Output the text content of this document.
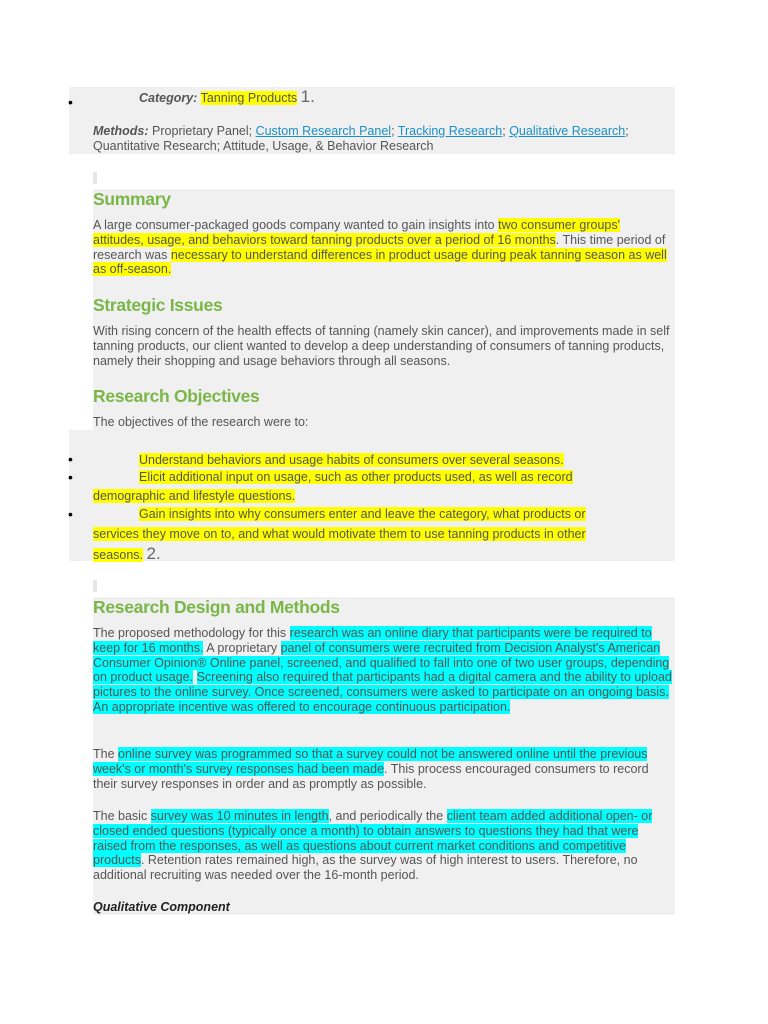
•	Category: Tanning Products 1.

Methods: Proprietary Panel; Custom Research Panel; Tracking Research; Qualitative Research; Quantitative Research; Attitude, Usage, & Behavior Research

Summary

A large consumer-packaged goods company wanted to gain insights into two consumer groups' attitudes, usage, and behaviors toward tanning products over a period of 16 months. This time period of research was necessary to understand differences in product usage during peak tanning season as well as off-season.

Strategic Issues

With rising concern of the health effects of tanning (namely skin cancer), and improvements made in self tanning products, our client wanted to develop a deep understanding of consumers of tanning products, namely their shopping and usage behaviors through all seasons.

Research Objectives

The objectives of the research were to:

•	Understand behaviors and usage habits of consumers over several seasons.

•	Elicit additional input on usage, such as other products used, as well as record demographic and lifestyle questions.

•	Gain insights into why consumers enter and leave the category, what products or services they move on to, and what would motivate them to use tanning products in other seasons. 2.

Research Design and Methods

The proposed methodology for this research was an online diary that participants were be required to keep for 16 months. A proprietary panel of consumers were recruited from Decision Analyst's American Consumer Opinion® Online panel, screened, and qualified to fall into one of two user groups, depending on product usage. Screening also required that participants had a digital camera and the ability to upload pictures to the online survey. Once screened, consumers were asked to participate on an ongoing basis. An appropriate incentive was offered to encourage continuous participation.

The online survey was programmed so that a survey could not be answered online until the previous week's or month's survey responses had been made. This process encouraged consumers to record their survey responses in order and as promptly as possible.

The basic survey was 10 minutes in length, and periodically the client team added additional open- or closed ended questions (typically once a month) to obtain answers to questions they had that were raised from the responses, as well as questions about current market conditions and competitive products. Retention rates remained high, as the survey was of high interest to users. Therefore, no additional recruiting was needed over the 16-month period.

Qualitative Component
